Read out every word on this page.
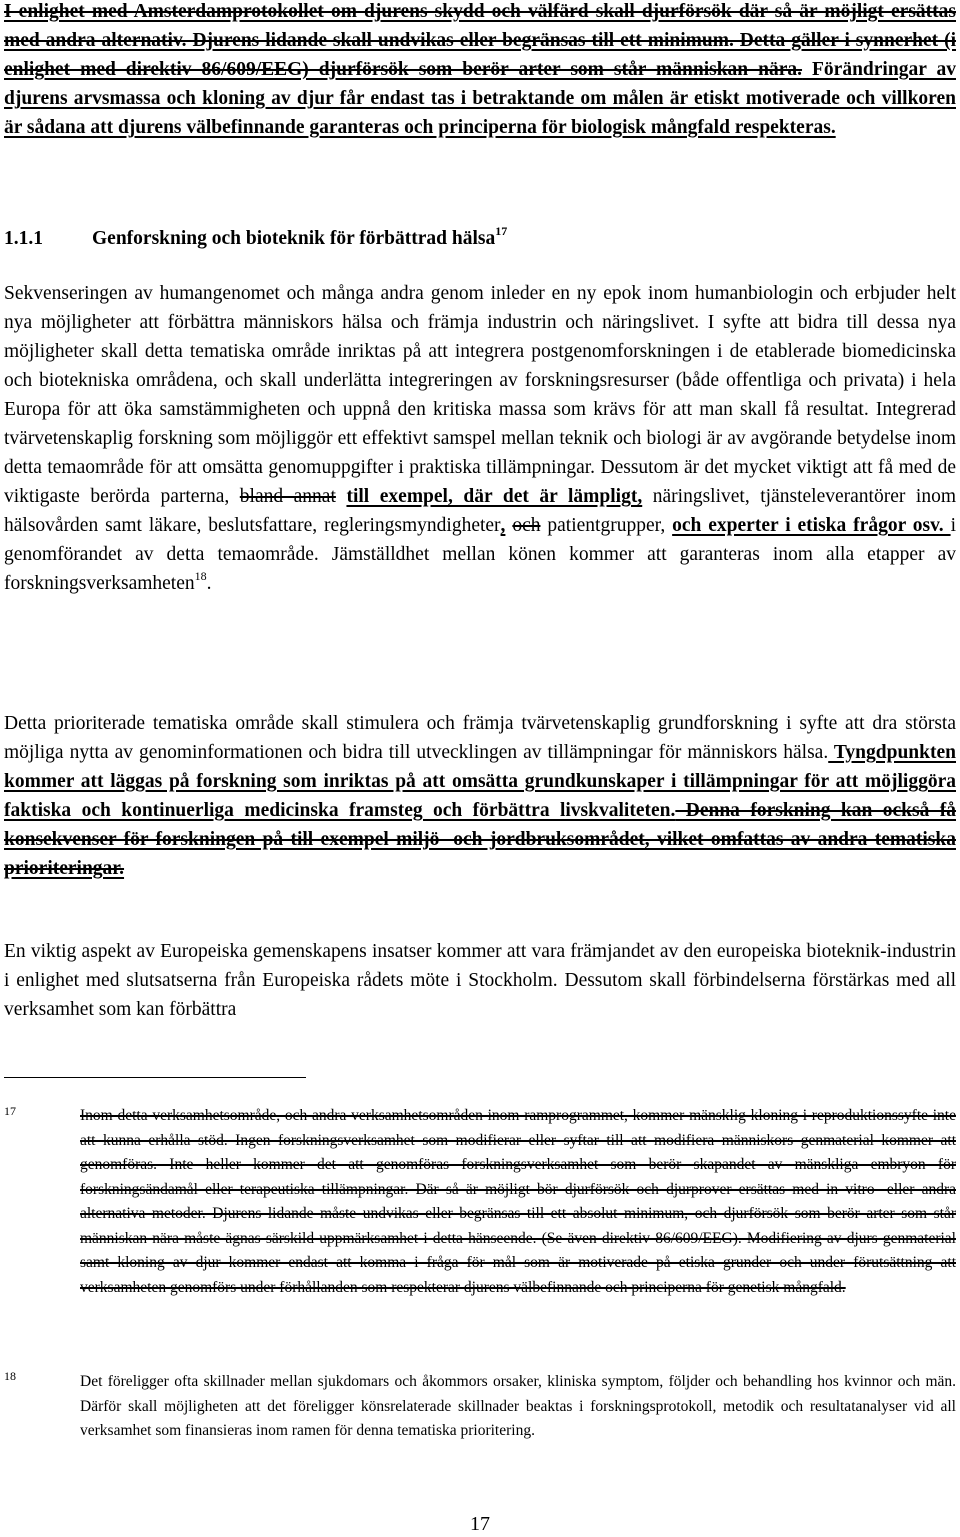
I enlighet med Amsterdamprotokollet om djurens skydd och välfärd skall djurförsök där så är möjligt ersättas med andra alternativ. Djurens lidande skall undvikas eller begränsas till ett minimum. Detta gäller i synnerhet (i enlighet med direktiv 86/609/EEG) djurförsök som berör arter som står människan nära. Förändringar av djurens arvsmassa och kloning av djur får endast tas i betraktande om målen är etiskt motiverade och villkoren är sådana att djurens välbefinnande garanteras och principerna för biologisk mångfald respekteras.

1.1.1	Genforskning och bioteknik för förbättrad hälsa$^{17}$

Sekvenseringen av humangenomet och många andra genom inleder en ny epok inom humanbiologin och erbjuder helt nya möjligheter att förbättra människors hälsa och främja industrin och näringslivet. I syfte att bidra till dessa nya möjligheter skall detta tematiska område inriktas på att integrera postgenomforskningen i de etablerade biomedicinska och biotekniska områdena, och skall underlätta integreringen av forskningsresurser (både offentliga och privata) i hela Europa för att öka samstämmigheten och uppnå den kritiska massa som krävs för att man skall få resultat. Integrerad tvärvetenskaplig forskning som möjliggör ett effektivt samspel mellan teknik och biologi är av avgörande betydelse inom detta temaområde för att omsätta genomuppgifter i praktiska tillämpningar. Dessutom är det mycket viktigt att få med de viktigaste berörda parterna, bland annat till exempel, där det är lämpligt, näringslivet, tjänsteleverantörer inom hälsovården samt läkare, beslutsfattare, regleringsmyndigheter, och patientgrupper, och experter i etiska frågor osv. i genomförandet av detta temaområde. Jämställdhet mellan könen kommer att garanteras inom alla etapper av forskningsverksamheten$^{18}$.

Detta prioriterade tematiska område skall stimulera och främja tvärvetenskaplig grundforskning i syfte att dra största möjliga nytta av genominformationen och bidra till utvecklingen av tillämpningar för människors hälsa. Tyngdpunkten kommer att läggas på forskning som inriktas på att omsätta grundkunskaper i tillämpningar för att möjliggöra faktiska och kontinuerliga medicinska framsteg och förbättra livskvaliteten. Denna forskning kan också få konsekvenser för forskningen på till exempel miljö- och jordbruksområdet, vilket omfattas av andra tematiska prioriteringar.

En viktig aspekt av Europeiska gemenskapens insatser kommer att vara främjandet av den europeiska bioteknik-industrin i enlighet med slutsatserna från Europeiska rådets möte i Stockholm. Dessutom skall förbindelserna förstärkas med all verksamhet som kan förbättra

17	Inom detta verksamhetsområde, och andra verksamhetsområden inom ramprogrammet, kommer mänsklig kloning i reproduktionssyfte inte att kunna erhålla stöd. Ingen forskningsverksamhet som modifierar eller syftar till att modifiera människors genmaterial kommer att genomföras. Inte heller kommer det att genomföras forskningsverksamhet som berör skapandet av mänskliga embryon för forskningsändamål eller terapeutiska tillämpningar. Där så är möjligt bör djurförsök och djurprover ersättas med in vitro- eller andra alternativa metoder. Djurens lidande måste undvikas eller begränsas till ett absolut minimum, och djurförsök som berör arter som står människan nära måste ägnas särskild uppmärksamhet i detta hänseende. (Se även direktiv 86/609/EEG). Modifiering av djurs genmaterial samt kloning av djur kommer endast att komma i fråga för mål som är motiverade på etiska grunder och under förutsättning att verksamheten genomförs under förhållanden som respekterar djurens välbefinnande och principerna för genetisk mångfald.

18	Det föreligger ofta skillnader mellan sjukdomars och åkommors orsaker, kliniska symptom, följder och behandling hos kvinnor och män. Därför skall möjligheten att det föreligger könsrelaterade skillnader beaktas i forskningsprotokoll, metodik och resultatanalyser vid all verksamhet som finansieras inom ramen för denna tematiska prioritering.

17
